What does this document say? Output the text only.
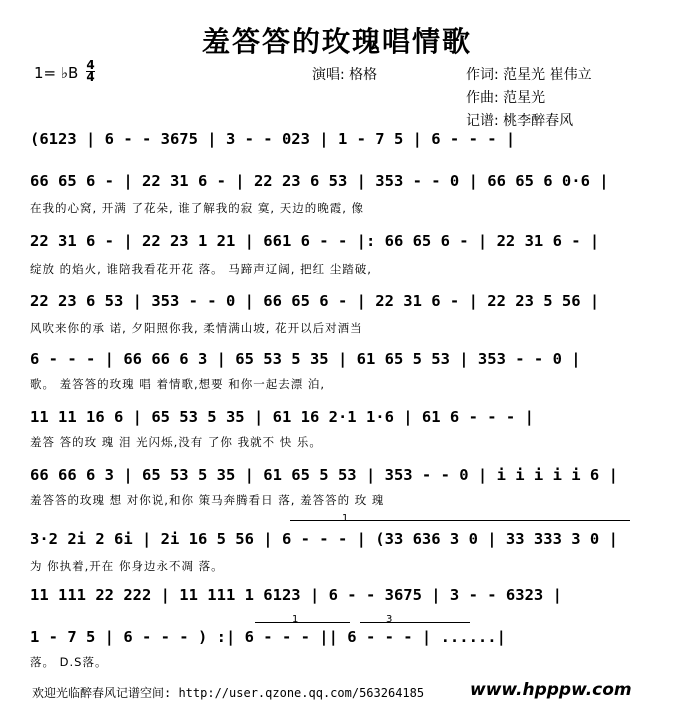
羞答答的玫瑰唱情歌
1= ♭B 4
4	演唱: 格格	作词: 范星光 崔伟立
作曲: 范星光
记谱: 桃李醉春风
(6123 | 6 - - 3675 | 3 - - 023 | 1 - 7 5 | 6 - - - |
66 65 6 - | 22 31 6 - | 22 23 6 53 | 353 - - 0 | 66 65 6 0·6 |
在我的心窝, 开满 了花朵, 谁了解我的寂 寞, 天边的晚霞, 像
22 31 6 - | 22 23 1 21 | 661 6 - - |: 66 65 6 - | 22 31 6 - |
绽放 的焰火, 谁陪我看花开花 落。 马蹄声辽阔, 把红 尘踏破,
22 23 6 53 | 353 - - 0 | 66 65 6 - | 22 31 6 - | 22 23 5 56 |
风吹来你的承 诺, 夕阳照你我, 柔情满山坡, 花开以后对酒当
6 - - - | 66 66 6 3 | 65 53 5 35 | 61 65 5 53 | 353 - - 0 |
歌。 羞答答的玫瑰 唱 着情歌,想要 和你一起去漂 泊,
11 11 16 6 | 65 53 5 35 | 61 16 2·1 1·6 | 61 6 - - - |
羞答 答的玫 瑰 泪 光闪烁,没有 了你 我就不 快 乐。
66 66 6 3 | 65 53 5 35 | 61 65 5 53 | 353 - - 0 | i i i i i 6 |
羞答答的玫瑰 想 对你说,和你 策马奔腾看日 落, 羞答答的 玫 瑰
1
3·2 2i 2 6i | 2i 16 5 56 | 6 - - - | (33 636 3 0 | 33 333 3 0 |
为 你执着,开在 你身边永不凋 落。
11 111 22 222 | 11 111 1 6123 | 6 - - 3675 | 3 - - 6323 |
1	3
1 - 7 5 | 6 - - - ) :| 6 - - - || 6 - - - | ......|
落。 D.S落。
欢迎光临醉春风记谱空间: http://user.qzone.qq.com/563264185	www.hpppw.com
